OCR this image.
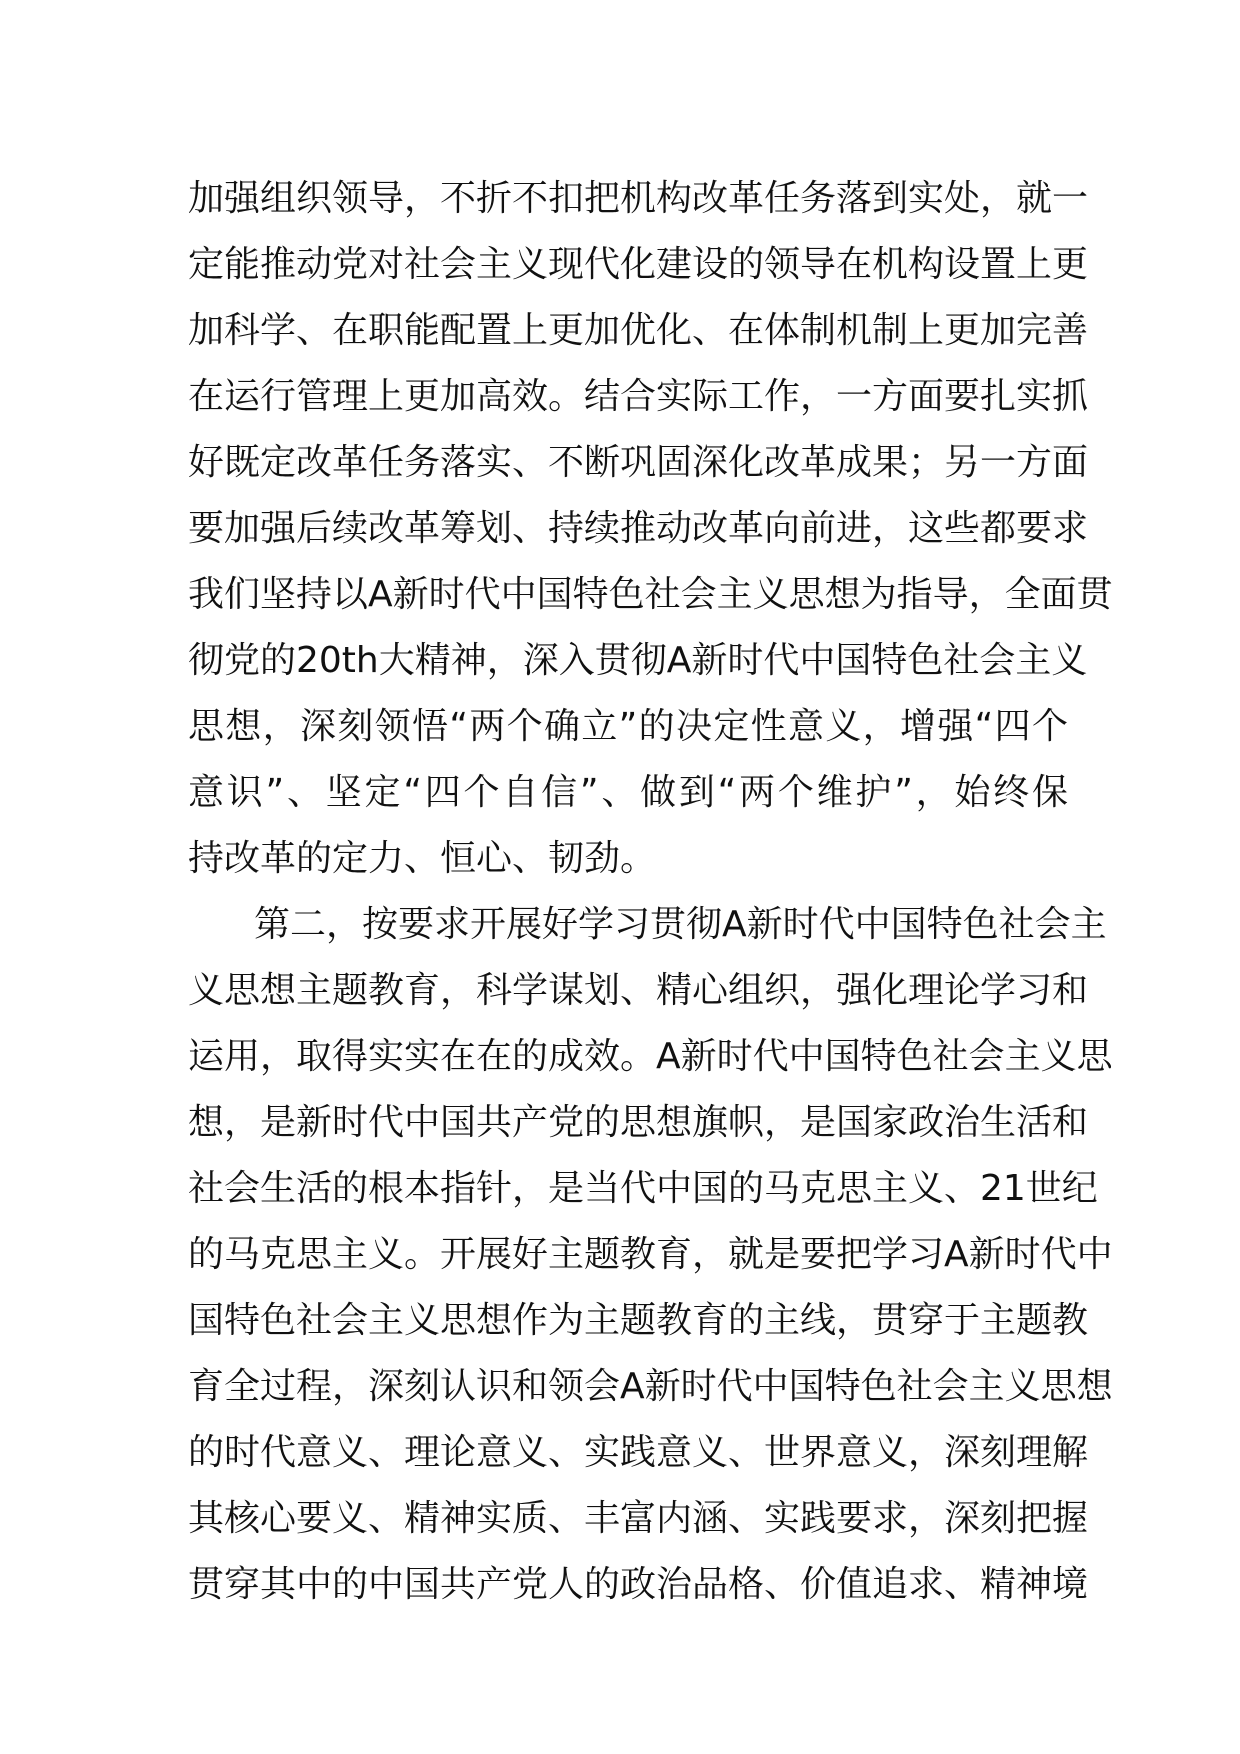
加强组织领导，不折不扣把机构改革任务落到实处，就一
定能推动党对社会主义现代化建设的领导在机构设置上更
加科学、在职能配置上更加优化、在体制机制上更加完善
在运行管理上更加高效。结合实际工作，一方面要扎实抓
好既定改革任务落实、不断巩固深化改革成果；另一方面
要加强后续改革筹划、持续推动改革向前进，这些都要求
我们坚持以A新时代中国特色社会主义思想为指导，全面贯
彻党的20th大精神，深入贯彻A新时代中国特色社会主义
思想，深刻领悟“两个确立”的决定性意义，增强“四个
意识”、坚定“四个自信”、做到“两个维护”，始终保
持改革的定力、恒心、韧劲。
第二，按要求开展好学习贯彻A新时代中国特色社会主
义思想主题教育，科学谋划、精心组织，强化理论学习和
运用，取得实实在在的成效。A新时代中国特色社会主义思
想，是新时代中国共产党的思想旗帜，是国家政治生活和
社会生活的根本指针，是当代中国的马克思主义、21世纪
的马克思主义。开展好主题教育，就是要把学习A新时代中
国特色社会主义思想作为主题教育的主线，贯穿于主题教
育全过程，深刻认识和领会A新时代中国特色社会主义思想
的时代意义、理论意义、实践意义、世界意义，深刻理解
其核心要义、精神实质、丰富内涵、实践要求，深刻把握
贯穿其中的中国共产党人的政治品格、价值追求、精神境
